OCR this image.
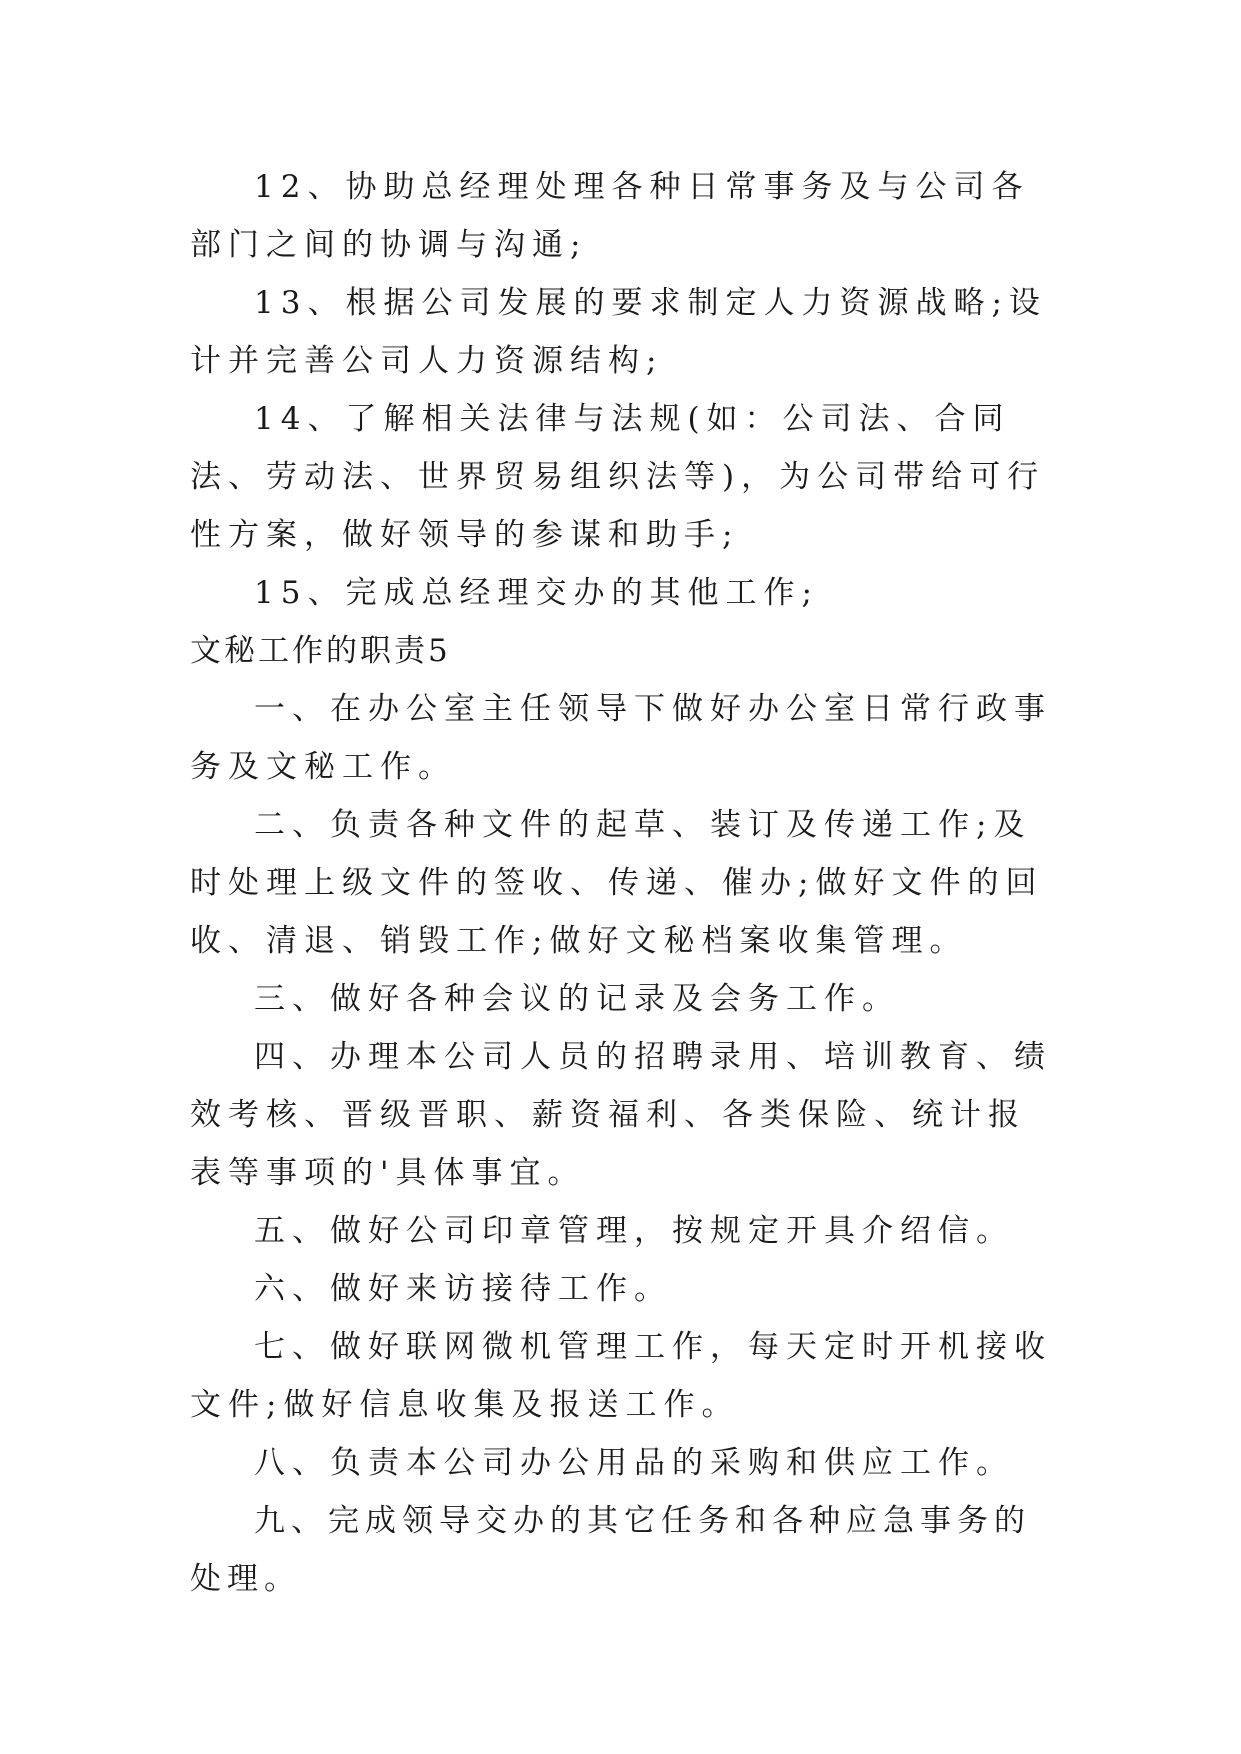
12、协助总经理处理各种日常事务及与公司各部门之间的协调与沟通;

13、根据公司发展的要求制定人力资源战略;设计并完善公司人力资源结构;

14、了解相关法律与法规(如：公司法、合同法、劳动法、世界贸易组织法等)，为公司带给可行性方案，做好领导的参谋和助手;

15、完成总经理交办的其他工作;

文秘工作的职责5

一、在办公室主任领导下做好办公室日常行政事务及文秘工作。

二、负责各种文件的起草、装订及传递工作;及时处理上级文件的签收、传递、催办;做好文件的回收、清退、销毁工作;做好文秘档案收集管理。

三、做好各种会议的记录及会务工作。

四、办理本公司人员的招聘录用、培训教育、绩效考核、晋级晋职、薪资福利、各类保险、统计报表等事项的'具体事宜。

五、做好公司印章管理，按规定开具介绍信。

六、做好来访接待工作。

七、做好联网微机管理工作，每天定时开机接收文件;做好信息收集及报送工作。

八、负责本公司办公用品的采购和供应工作。

九、完成领导交办的其它任务和各种应急事务的处理。
